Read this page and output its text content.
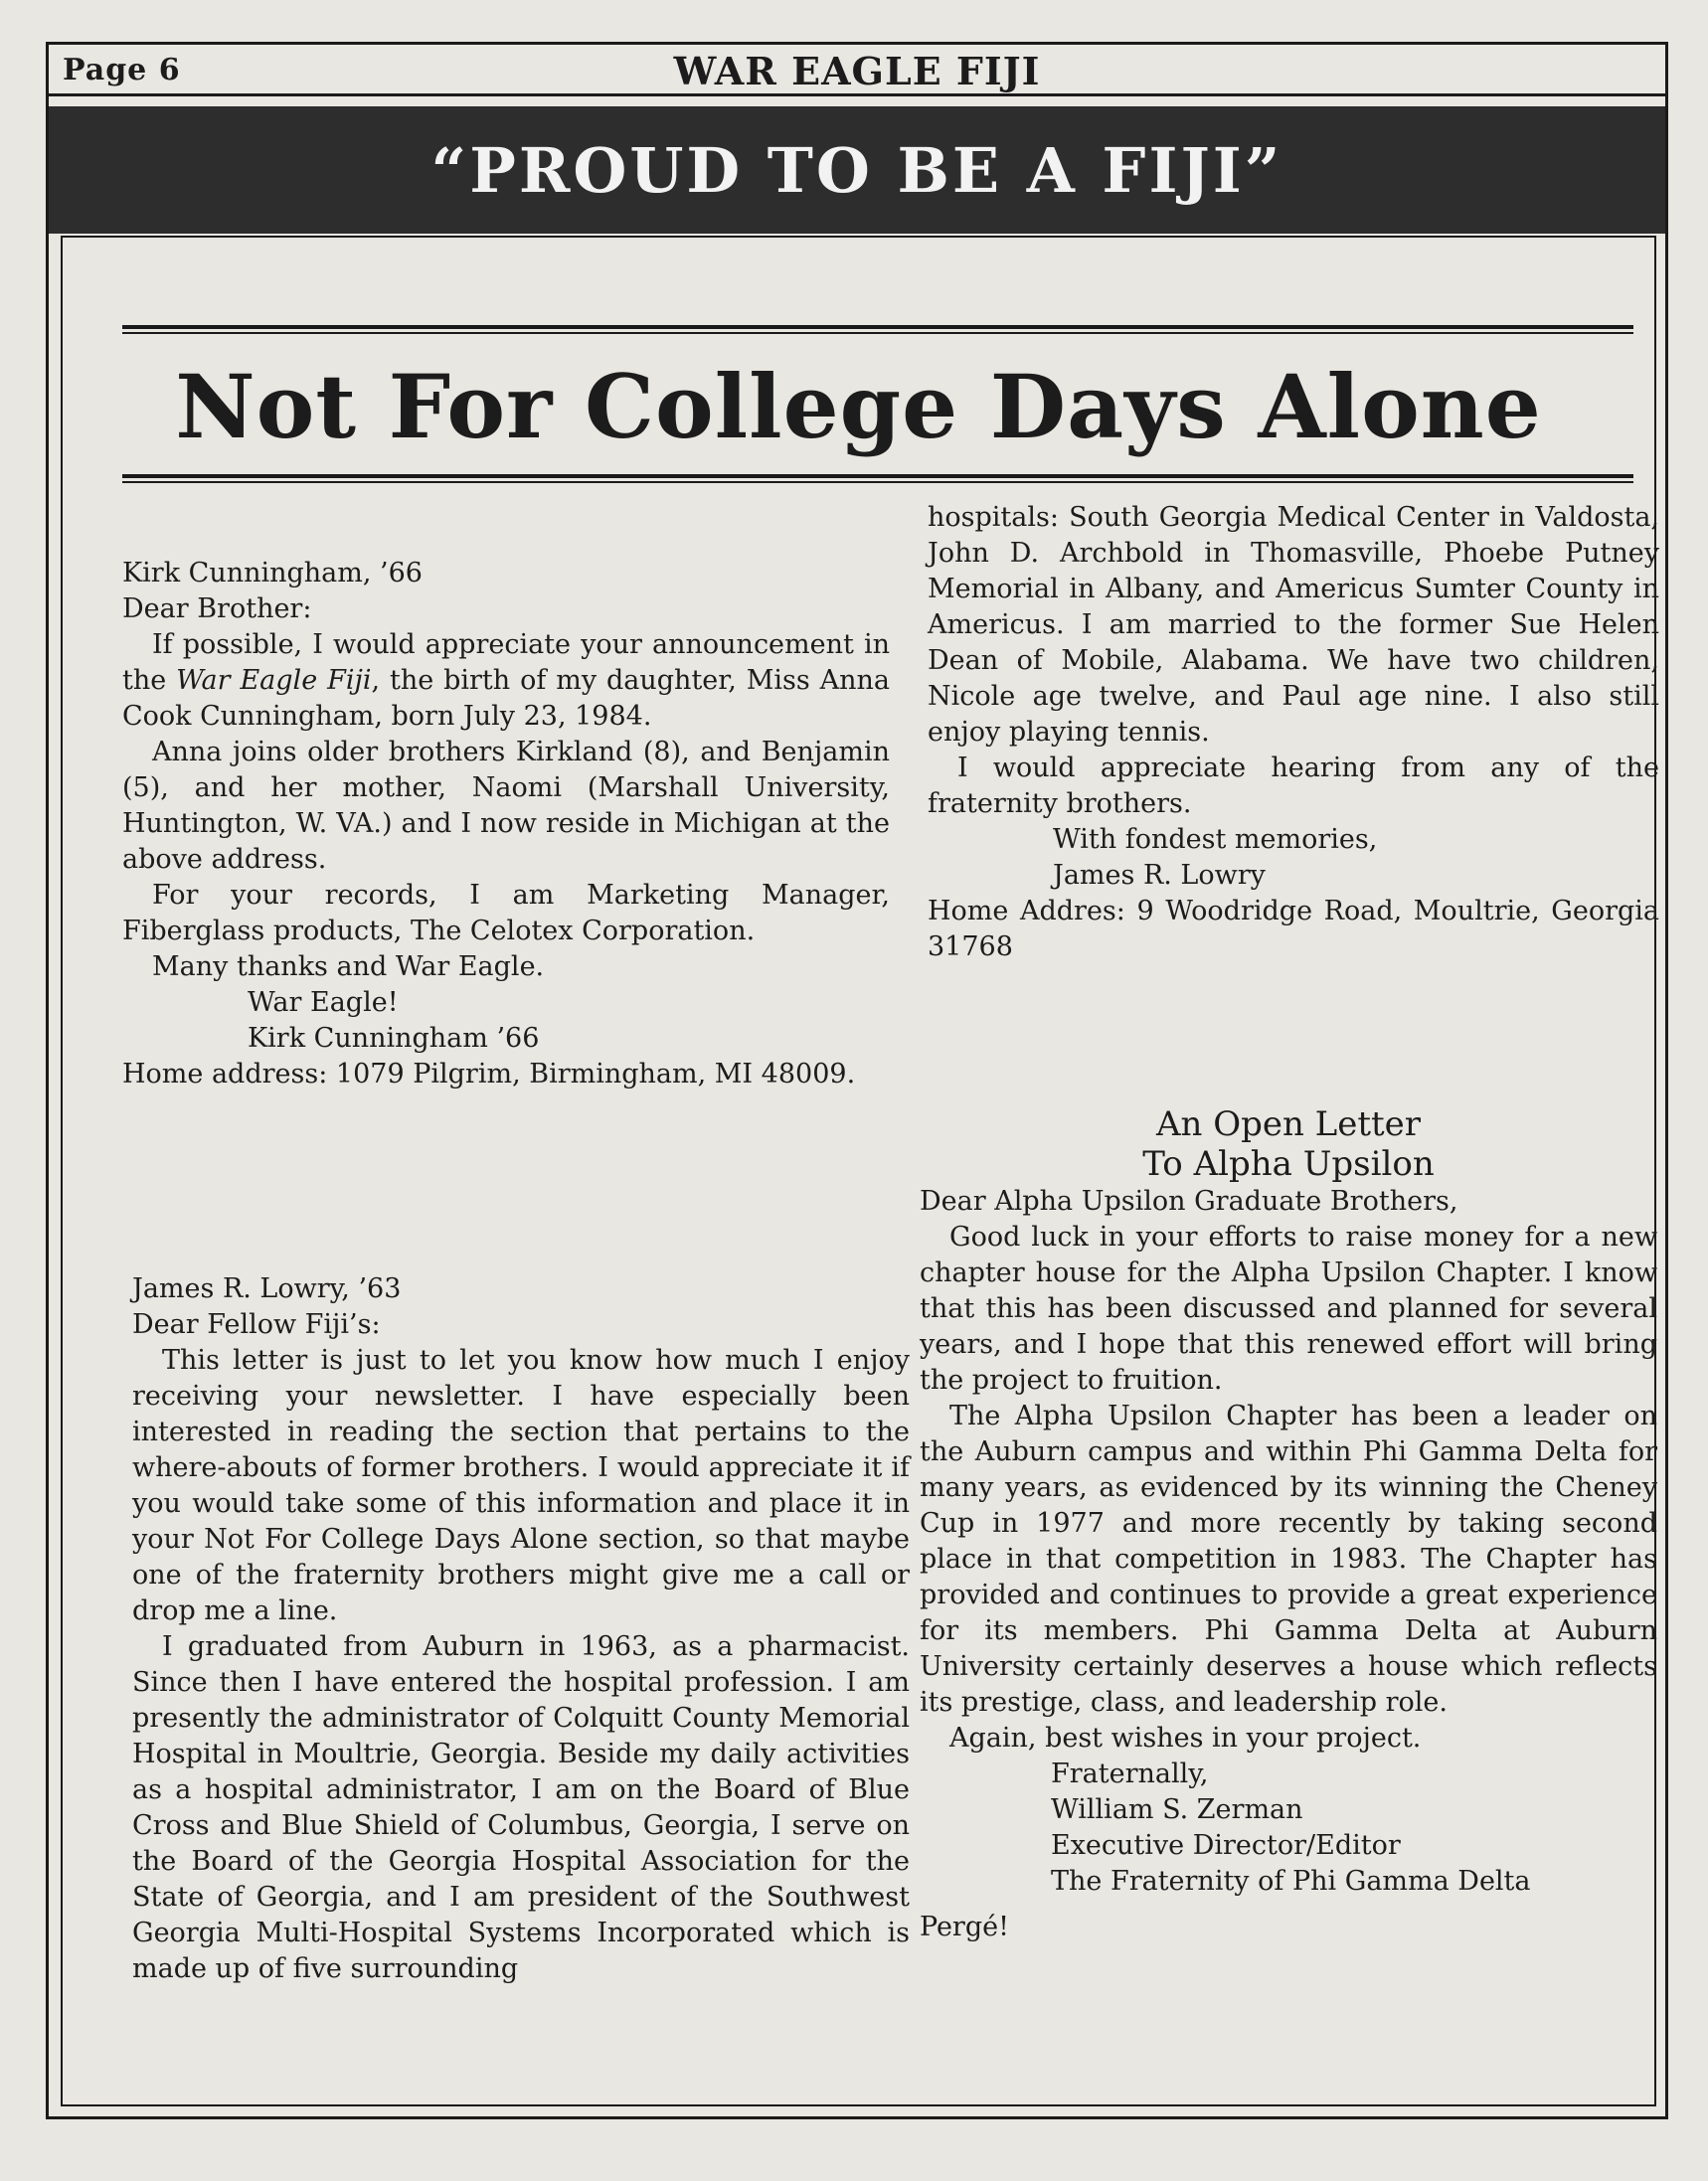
Page 6	WAR EAGLE FIJI
“PROUD TO BE A FIJI”
Not For College Days Alone

Kirk Cunningham, ’66

Dear Brother:

If possible, I would appreciate your announcement in the War Eagle Fiji, the birth of my daughter, Miss Anna Cook Cunningham, born July 23, 1984.

Anna joins older brothers Kirkland (8), and Benjamin (5), and her mother, Naomi (Marshall University, Huntington, W. VA.) and I now reside in Michigan at the above address.

For your records, I am Marketing Manager, Fiberglass products, The Celotex Corporation.

Many thanks and War Eagle.

War Eagle!

Kirk Cunningham ’66

Home address: 1079 Pilgrim, Birmingham, MI 48009.

James R. Lowry, ’63

Dear Fellow Fiji’s:

This letter is just to let you know how much I enjoy receiving your newsletter. I have especially been interested in reading the section that pertains to the where-abouts of former brothers. I would appreciate it if you would take some of this information and place it in your Not For College Days Alone section, so that maybe one of the fraternity brothers might give me a call or drop me a line.

I graduated from Auburn in 1963, as a pharmacist. Since then I have entered the hospital profession. I am presently the administrator of Colquitt County Memorial Hospital in Moultrie, Georgia. Beside my daily activities as a hospital administrator, I am on the Board of Blue Cross and Blue Shield of Columbus, Georgia, I serve on the Board of the Georgia Hospital Association for the State of Georgia, and I am president of the Southwest Georgia Multi-Hospital Systems Incorporated which is made up of five surrounding

hospitals: South Georgia Medical Center in Valdosta, John D. Archbold in Thomasville, Phoebe Putney Memorial in Albany, and Americus Sumter County in Americus. I am married to the former Sue Helen Dean of Mobile, Alabama. We have two children, Nicole age twelve, and Paul age nine. I also still enjoy playing tennis.

I would appreciate hearing from any of the fraternity brothers.

With fondest memories,

James R. Lowry

Home Addres: 9 Woodridge Road, Moultrie, Georgia 31768

An Open Letter

To Alpha Upsilon

Dear Alpha Upsilon Graduate Brothers,

Good luck in your efforts to raise money for a new chapter house for the Alpha Upsilon Chapter. I know that this has been discussed and planned for several years, and I hope that this renewed effort will bring the project to fruition.

The Alpha Upsilon Chapter has been a leader on the Auburn campus and within Phi Gamma Delta for many years, as evidenced by its winning the Cheney Cup in 1977 and more recently by taking second place in that competition in 1983. The Chapter has provided and continues to provide a great experience for its members. Phi Gamma Delta at Auburn University certainly deserves a house which reflects its prestige, class, and leadership role.

Again, best wishes in your project.

Fraternally,

William S. Zerman

Executive Director/Editor

The Fraternity of Phi Gamma Delta

Pergé!
